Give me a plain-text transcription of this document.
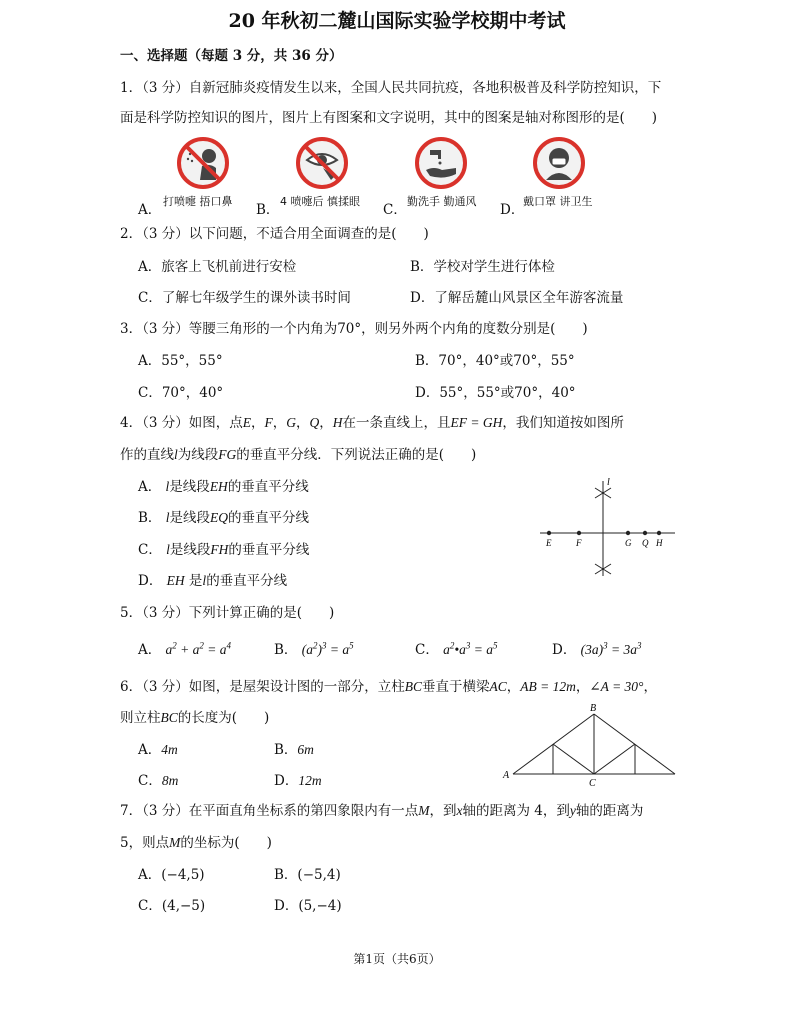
20 年秋初二麓山国际实验学校期中考试
一、选择题（每题 3 分，共 36 分）
1．（3 分）自新冠肺炎疫情发生以来，全国人民共同抗疫，各地积极普及科学防控知识，下
面是科学防控知识的图片，图片上有图案和文字说明，其中的图案是轴对称图形的是(　　)
A．
打喷嚏 捂口鼻
B．
4 喷嚏后 慎揉眼
C．
勤洗手 勤通风
D．
戴口罩 讲卫生
2．（3 分）以下问题，不适合用全面调查的是(　　)
A．旅客上飞机前进行安检	B．学校对学生进行体检
C．了解七年级学生的课外读书时间	D．了解岳麓山风景区全年游客流量
3．（3 分）等腰三角形的一个内角为70°，则另外两个内角的度数分别是(　　)
A．55°，55°	B．70°，40°或70°，55°
C．70°，40°	D．55°，55°或70°，40°
4．（3 分）如图，点E，F，G，Q，H在一条直线上，且EF = GH，我们知道按如图所
作的直线l为线段FG的垂直平分线．下列说法正确的是(　　)
A． l是线段EH的垂直平分线
B． l是线段EQ的垂直平分线
C． l是线段FH的垂直平分线
D． EH 是l的垂直平分线
l
E	F	G Q H
5．（3 分）下列计算正确的是(　　)
A． $a^2 + a^2 = a^4$	B． $(a^2)^3 = a^5$	C． $a^2•a^3 = a^5$	D． $(3a)^3 = 3a^3$
6．（3 分）如图，是屋架设计图的一部分，立柱BC垂直于横梁AC，AB = 12m，∠A = 30°，
则立柱BC的长度为(　　)
A．4m	B．6m
C．8m	D．12m	A
B
C
7．（3 分）在平面直角坐标系的第四象限内有一点M，到x轴的距离为 4，到y轴的距离为
5，则点M的坐标为(　　)
A．(−4,5)	B．(−5,4)
C．(4,−5)	D．(5,−4)
第1页（共6页）
